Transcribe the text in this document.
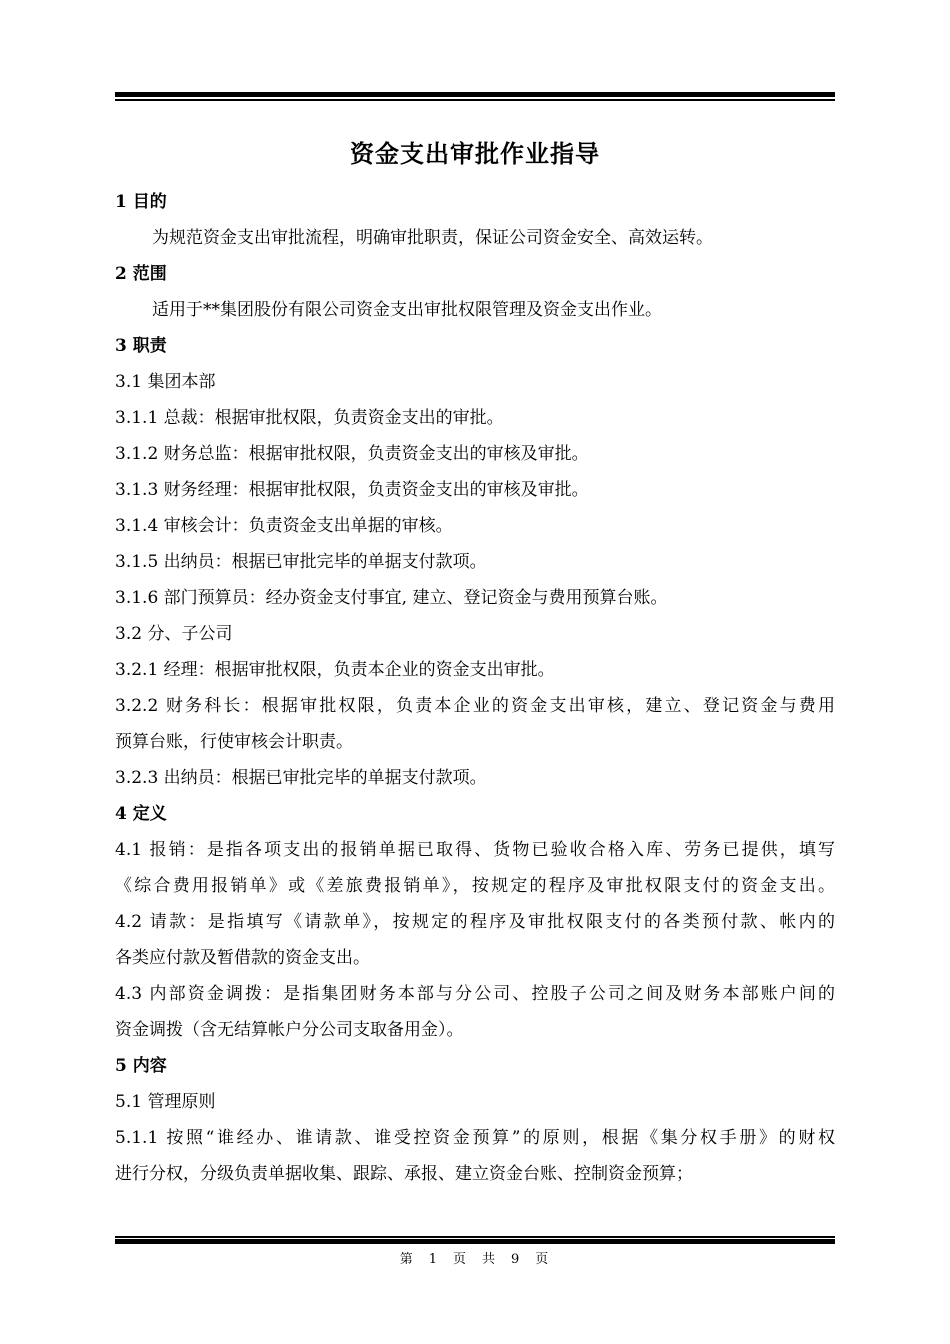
资金支出审批作业指导
1 目的
为规范资金支出审批流程，明确审批职责，保证公司资金安全、高效运转。
2 范围
适用于**集团股份有限公司资金支出审批权限管理及资金支出作业。
3 职责
3.1 集团本部
3.1.1 总裁：根据审批权限，负责资金支出的审批。
3.1.2 财务总监：根据审批权限，负责资金支出的审核及审批。
3.1.3 财务经理：根据审批权限，负责资金支出的审核及审批。
3.1.4 审核会计：负责资金支出单据的审核。
3.1.5 出纳员：根据已审批完毕的单据支付款项。
3.1.6 部门预算员：经办资金支付事宜, 建立、登记资金与费用预算台账。
3.2 分、子公司
3.2.1 经理：根据审批权限，负责本企业的资金支出审批。
3.2.2 财务科长：根据审批权限，负责本企业的资金支出审核，建立、登记资金与费用
预算台账，行使审核会计职责。
3.2.3 出纳员：根据已审批完毕的单据支付款项。
4 定义
4.1 报销：是指各项支出的报销单据已取得、货物已验收合格入库、劳务已提供，填写
《综合费用报销单》或《差旅费报销单》，按规定的程序及审批权限支付的资金支出。
4.2 请款：是指填写《请款单》，按规定的程序及审批权限支付的各类预付款、帐内的
各类应付款及暂借款的资金支出。
4.3 内部资金调拨：是指集团财务本部与分公司、控股子公司之间及财务本部账户间的
资金调拨（含无结算帐户分公司支取备用金）。
5 内容
5.1 管理原则
5.1.1 按照“谁经办、谁请款、谁受控资金预算”的原则，根据《集分权手册》的财权
进行分权，分级负责单据收集、跟踪、承报、建立资金台账、控制资金预算；
第 1 页 共 9 页
